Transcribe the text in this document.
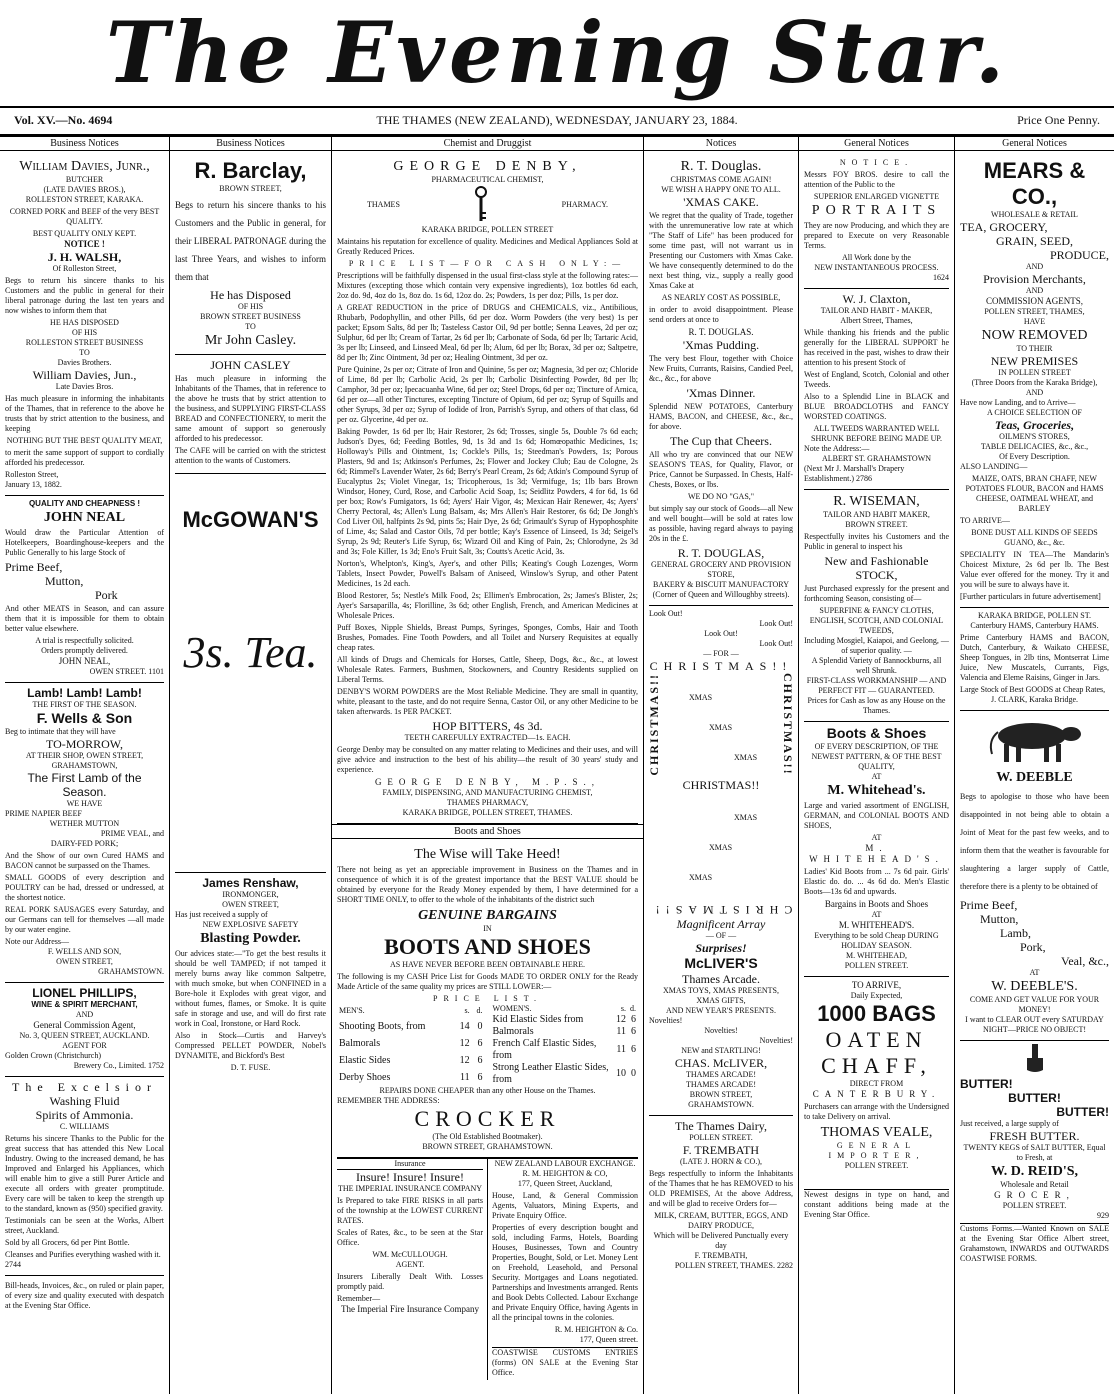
The Evening Star.
Vol. XV.—No. 4694	THE THAMES (NEW ZEALAND), WEDNESDAY, JANUARY 23, 1884.	Price One Penny.
Business Notices
William Davies, Junr.,
BUTCHER
(LATE DAVIES BROS.),
ROLLESTON STREET, KARAKA.

CORNED PORK and BEEF of the very BEST QUALITY.

BEST QUALITY ONLY KEPT.
NOTICE !
J. H. WALSH,
Of Rolleston Street,

Begs to return his sincere thanks to his Customers and the public in general for their liberal patronage during the last ten years and now wishes to inform them that

HE HAS DISPOSED
OF HIS
ROLLESTON STREET BUSINESS
TO
Davies Brothers.
William Davies, Jun.,
Late Davies Bros.

Has much pleasure in informing the inhabitants of the Thames, that in reference to the above he trusts that by strict attention to the business, and keeping

NOTHING BUT THE BEST QUALITY MEAT,

to merit the same support of support to cordially afforded his predecessor.

Rolleston Street,
January 13, 1882.
QUALITY AND CHEAPNESS !
JOHN NEAL

Would draw the Particular Attention of Hotelkeepers, Boardinghouse-keepers and the Public Generally to his large Stock of

Prime Beef,
Mutton,
Pork

And other MEATS in Season, and can assure them that it is impossible for them to obtain better value elsewhere.

A trial is respectfully solicited.
Orders promptly delivered.
JOHN NEAL,
OWEN STREET. 1101
Lamb! Lamb! Lamb!
THE FIRST OF THE SEASON.
F. Wells & Son
Beg to intimate that they will have
TO-MORROW,
AT THEIR SHOP, OWEN STREET, GRAHAMSTOWN,
The First Lamb of the Season.
WE HAVE
PRIME NAPIER BEEF
WETHER MUTTON
PRIME VEAL, and
DAIRY-FED PORK;

And the Show of our own Cured HAMS and BACON cannot be surpassed on the Thames.

SMALL GOODS of every description and POULTRY can be had, dressed or undressed, at the shortest notice.

REAL PORK SAUSAGES every Saturday, and our Germans can tell for themselves —all made by our water engine.

Note our Address—
F. WELLS AND SON,
OWEN STREET,
GRAHAMSTOWN.
LIONEL PHILLIPS,
WINE & SPIRIT MERCHANT,
AND
General Commission Agent,
No. 3, QUEEN STREET, AUCKLAND.
AGENT FOR
Golden Crown (Christchurch)
Brewery Co., Limited. 1752
The Excelsior
Washing Fluid
Spirits of Ammonia.
C. WILLIAMS

Returns his sincere Thanks to the Public for the great success that has attended this New Local Industry. Owing to the increased demand, he has Improved and Enlarged his Appliances, which will enable him to give a still Purer Article and execute all orders with greater promptitude. Every care will be taken to keep the strength up to the standard, known as (950) specified gravity.

Testimonials can be seen at the Works, Albert street, Auckland.

Sold by all Grocers, 6d per Pint Bottle.

Cleanses and Purifies everything washed with it. 2744

Bill-heads, Invoices, &c., on ruled or plain paper, of every size and quality executed with despatch at the Evening Star Office.

Business Notices
R. Barclay,
BROWN STREET,

Begs to return his sincere thanks to his Customers and the Public in general, for their LIBERAL PATRONAGE during the last Three Years, and wishes to inform them that

He has Disposed
OF HIS
BROWN STREET BUSINESS
TO
Mr John Casley.
JOHN CASLEY

Has much pleasure in informing the Inhabitants of the Thames, that in reference to the above he trusts that by strict attention to the business, and SUPPLYING FIRST-CLASS BREAD and CONFECTIONERY, to merit the same amount of support so generously afforded to his predecessor.

The CAFE will be carried on with the strictest attention to the wants of Customers.

McGOWAN'S
3s. Tea.
James Renshaw,
IRONMONGER,
OWEN STREET,
Has just received a supply of
NEW EXPLOSIVE SAFETY
Blasting Powder.

Our advices state:—"To get the best results it should be well TAMPED; if not tamped it merely burns away like common Saltpetre, with much smoke, but when CONFINED in a Bore-hole it Explodes with great vigor, and without fumes, flames, or Smoke. It is quite safe in storage and use, and will do first rate work in Coal, Ironstone, or Hard Rock.

Also in Stock—Curtis and Harvey's Compressed PELLET POWDER, Nobel's DYNAMITE, and Bickford's Best

D. T. FUSE.
Chemist and Druggist
GEORGE DENBY,
PHARMACEUTICAL CHEMIST,
THAMES	PHARMACY.
KARAKA BRIDGE, POLLEN STREET

Maintains his reputation for excellence of quality. Medicines and Medical Appliances Sold at Greatly Reduced Prices.

PRICE LIST—FOR CASH ONLY:—

Prescriptions will be faithfully dispensed in the usual first-class style at the following rates:—Mixtures (excepting those which contain very expensive ingredients), 1oz bottles 6d each, 2oz do. 9d, 4oz do 1s, 8oz do. 1s 6d, 12oz do. 2s; Powders, 1s per doz; Pills, 1s per doz.

A GREAT REDUCTION in the price of DRUGS and CHEMICALS, viz., Antibilious, Rhubarb, Podophyllin, and other Pills, 6d per doz. Worm Powders (the very best) 1s per packet; Epsom Salts, 8d per lb; Tasteless Castor Oil, 9d per bottle; Senna Leaves, 2d per oz; Sulphur, 6d per lb; Cream of Tartar, 2s 6d per lb; Carbonate of Soda, 6d per lb; Tartaric Acid, 3s per lb; Linseed, and Linseed Meal, 6d per lb; Alum, 6d per lb; Borax, 3d per oz; Saltpetre, 8d per lb; Zinc Ointment, 3d per oz; Healing Ointment, 3d per oz.

Pure Quinine, 2s per oz; Citrate of Iron and Quinine, 5s per oz; Magnesia, 3d per oz; Chloride of Lime, 8d per lb; Carbolic Acid, 2s per lb; Carbolic Disinfecting Powder, 8d per lb; Camphor, 3d per oz; Ipecacuanha Wine, 6d per oz; Steel Drops, 6d per oz; Tincture of Arnica, 6d per oz—all other Tinctures, excepting Tincture of Opium, 6d per oz; Syrup of Squills and other Syrups, 3d per oz; Syrup of Iodide of Iron, Parrish's Syrup, and others of that class, 6d per oz. Glycerine, 4d per oz.

Baking Powder, 1s 6d per lb; Hair Restorer, 2s 6d; Trosses, single 5s, Double 7s 6d each; Judson's Dyes, 6d; Feeding Bottles, 9d, 1s 3d and 1s 6d; Homœopathic Medicines, 1s; Holloway's Pills and Ointment, 1s; Cockle's Pills, 1s; Steedman's Powders, 1s; Porous Plasters, 9d and 1s; Atkinson's Perfumes, 2s; Flower and Jockey Club; Eau de Cologne, 2s 6d; Rimmel's Lavender Water, 2s 6d; Berry's Pearl Cream, 2s 6d; Atkin's Compound Syrup of Eucalyptus 2s; Violet Vinegar, 1s; Tricopherous, 1s 3d; Vermifuge, 1s; 1lb bars Brown Windsor, Honey, Curd, Rose, and Carbolic Acid Soap, 1s; Seidlitz Powders, 4 for 6d, 1s 6d per box; Row's Fumigators, 1s 6d; Ayers' Hair Vigor, 4s; Mexican Hair Renewer, 4s; Ayers' Cherry Pectoral, 4s; Allen's Lung Balsam, 4s; Mrs Allen's Hair Restorer, 6s 6d; De Jongh's Cod Liver Oil, halfpints 2s 9d, pints 5s; Hair Dye, 2s 6d; Grimault's Syrup of Hypophosphite of Lime, 4s; Salad and Castor Oils, 7d per bottle; Kay's Essence of Linseed, 1s 3d; Seigel's Syrup, 2s 9d; Reuter's Life Syrup, 6s; Wizard Oil and King of Pain, 2s; Chlorodyne, 2s 3d and 3s; Fole Killer, 1s 3d; Eno's Fruit Salt, 3s; Coutts's Acetic Acid, 3s.

Norton's, Whelpton's, King's, Ayer's, and other Pills; Keating's Cough Lozenges, Worm Tablets, Insect Powder, Powell's Balsam of Aniseed, Winslow's Syrup, and other Patent Medicines, 1s 2d each.

Blood Restorer, 5s; Nestle's Milk Food, 2s; Ellimen's Embrocation, 2s; James's Blister, 2s; Ayer's Sarsaparilla, 4s; Florilline, 3s 6d; other English, French, and American Medicines at Wholesale Prices.

Puff Boxes, Nipple Shields, Breast Pumps, Syringes, Sponges, Combs, Hair and Tooth Brushes, Pomades. Fine Tooth Powders, and all Toilet and Nursery Requisites at equally cheap rates.

All kinds of Drugs and Chemicals for Horses, Cattle, Sheep, Dogs, &c., &c., at lowest Wholesale Rates. Farmers, Bushmen, Stockowners, and Country Residents supplied on Liberal Terms.

DENBY'S WORM POWDERS are the Most Reliable Medicine. They are small in quantity, white, pleasant to the taste, and do not require Senna, Castor Oil, or any other Medicine to be taken afterwards. 1s PER PACKET.

HOP BITTERS, 4s 3d.
TEETH CAREFULLY EXTRACTED—1s. EACH.

George Denby may be consulted on any matter relating to Medicines and their uses, and will give advice and instruction to the best of his ability—the result of 30 years' study and experience.

GEORGE DENBY, M.P.S.,
FAMILY, DISPENSING, AND MANUFACTURING CHEMIST,
THAMES PHARMACY,
KARAKA BRIDGE, POLLEN STREET, THAMES.
Boots and Shoes
The Wise will Take Heed!

There not being as yet an appreciable improvement in Business on the Thames and in consequence of which it is of the greatest importance that the BEST VALUE should be obtained by everyone for the Ready Money expended by them, I have determined for a SHORT TIME ONLY, to offer to the whole of the inhabitants of the district such

GENUINE BARGAINS
IN
BOOTS AND SHOES
AS HAVE NEVER BEFORE BEEN OBTAINABLE HERE.

The following is my CASH Price List for Goods MADE TO ORDER ONLY for the Ready Made Article of the same quality my prices are STILL LOWER:—

PRICE LIST.
MEN'S.	s.	d.
Shooting Boots, from	14	0
Balmorals	12	6
Elastic Sides	12	6
Derby Shoes	11	6
WOMEN'S.	s.	d.
Kid Elastic Sides from	12	6
Balmorals	11	6
French Calf Elastic Sides, from	11	6
Strong Leather Elastic Sides, from	10	0
REPAIRS DONE CHEAPER than any other House on the Thames.
REMEMBER THE ADDRESS:
CROCKER
(The Old Established Bootmaker).
BROWN STREET, GRAHAMSTOWN.
Insurance
Insure! Insure! Insure!
THE IMPERIAL INSURANCE COMPANY

Is Prepared to take FIRE RISKS in all parts of the township at the LOWEST CURRENT RATES.

Scales of Rates, &c., to be seen at the Star Office.

WM. McCULLOUGH.
AGENT.

Insurers Liberally Dealt With. Losses promptly paid.

Remember—
The Imperial Fire Insurance Company
NEW ZEALAND LABOUR EXCHANGE.
R. M. HEIGHTON & CO,
177, Queen Street, Auckland,

House, Land, & General Commission Agents, Valuators, Mining Experts, and Private Enquiry Office.

Properties of every description bought and sold, including Farms, Hotels, Boarding Houses, Businesses, Town and Country Properties, Bought, Sold, or Let. Money Lent on Freehold, Leasehold, and Personal Security. Mortgages and Loans negotiated. Partnerships and Investments arranged. Rents and Book Debts Collected. Labour Exchange and Private Enquiry Office, having Agents in all the principal towns in the colonies.

R. M. HEIGHTON & Co.
177, Queen street.

COASTWISE CUSTOMS ENTRIES (forms) ON SALE at the Evening Star Office.

Notices
R. T. Douglas.
CHRISTMAS COME AGAIN!
WE WISH A HAPPY ONE TO ALL.
'XMAS CAKE.

We regret that the quality of Trade, together with the unremunerative low rate at which "The Staff of Life" has been produced for some time past, will not warrant us in Presenting our Customers with Xmas Cake. We have consequently determined to do the next best thing, viz., supply a really good Xmas Cake at

AS NEARLY COST AS POSSIBLE,

in order to avoid disappointment. Please send orders at once to

R. T. DOUGLAS.
'Xmas Pudding.

The very best Flour, together with Choice New Fruits, Currants, Raisins, Candied Peel, &c., &c., for above

'Xmas Dinner.

Splendid NEW POTATOES, Canterbury HAMS, BACON, and CHEESE, &c., &c., for above.

The Cup that Cheers.

All who try are convinced that our NEW SEASON'S TEAS, for Quality, Flavor, or Price, Cannot be Surpassed. In Chests, Half-Chests, Boxes, or lbs.

WE DO NO "GAS,"

but simply say our stock of Goods—all New and well bought—will be sold at rates low as possible, having regard always to paying 20s in the £.

R. T. DOUGLAS,
GENERAL GROCERY AND PROVISION STORE,
BAKERY & BISCUIT MANUFACTORY
(Corner of Queen and Willoughby streets).
Look Out!
Look Out!
Look Out!
Look Out!
— FOR —
CHRISTMAS!!
CHRISTMAS!!	CHRISTMAS!!
XMAS
XMAS
XMAS
CHRISTMAS!!
XMAS
XMAS
XMAS
CHRISTMAS!!
Magnificent Array
— OF —
Surprises!
McLIVER'S
Thames Arcade.
XMAS TOYS, XMAS PRESENTS,
XMAS GIFTS,
AND NEW YEAR'S PRESENTS.
Novelties!
Novelties!
Novelties!
NEW and STARTLING!
CHAS. McLIVER,
THAMES ARCADE!
THAMES ARCADE!
BROWN STREET,
GRAHAMSTOWN.
The Thames Dairy,
POLLEN STREET.
F. TREMBATH
(LATE J. HORN & CO.),

Begs respectfully to inform the Inhabitants of the Thames that he has REMOVED to his OLD PREMISES, At the above Address, and will be glad to receive Orders for—

MILK, CREAM, BUTTER, EGGS, AND DAIRY PRODUCE,
Which will be Delivered Punctually every day
F. TREMBATH,
POLLEN STREET, THAMES. 2282
General Notices
NOTICE.

Messrs FOY BROS. desire to call the attention of the Public to the

SUPERIOR ENLARGED VIGNETTE
PORTRAITS

They are now Producing, and which they are prepared to Execute on very Reasonable Terms.

All Work done by the
NEW INSTANTANEOUS PROCESS.
1624
W. J. Claxton,
TAILOR AND HABIT - MAKER,
Albert Street, Thames,

While thanking his friends and the public generally for the LIBERAL SUPPORT he has received in the past, wishes to draw their attention to his present Stock of

West of England, Scotch, Colonial and other Tweeds.

Also to a Splendid Line in BLACK and BLUE BROADCLOTHS and FANCY WORSTED COATINGS.

ALL TWEEDS WARRANTED WELL SHRUNK BEFORE BEING MADE UP.
Note the Address:—
ALBERT ST. GRAHAMSTOWN
(Next Mr J. Marshall's Drapery Establishment.) 2786
R. WISEMAN,
TAILOR AND HABIT MAKER,
BROWN STREET.

Respectfully invites his Customers and the Public in general to inspect his

New and Fashionable STOCK,

Just Purchased expressly for the present and forthcoming Season, consisting of—

SUPERFINE & FANCY CLOTHS, ENGLISH, SCOTCH, AND COLONIAL TWEEDS,
Including Mosgiel, Kaiapoi, and Geelong, — of superior quality. —
A Splendid Variety of Bannockburns, all well Shrunk.
FIRST-CLASS WORKMANSHIP — AND PERFECT FIT — GUARANTEED.
Prices for Cash as low as any House on the Thames.
Boots & Shoes
OF EVERY DESCRIPTION, OF THE NEWEST PATTERN, & OF THE BEST QUALITY,
AT
M. Whitehead's.

Large and varied assortment of ENGLISH, GERMAN, and COLONIAL BOOTS AND SHOES,

AT
M. WHITEHEAD'S.

Ladies' Kid Boots from ... 7s 6d pair. Girls' Elastic do. do. ... 4s 6d do. Men's Elastic Boots—13s 6d and upwards.

Bargains in Boots and Shoes
AT
M. WHITEHEAD'S.
Everything to be sold Cheap DURING HOLIDAY SEASON.
M. WHITEHEAD,
POLLEN STREET.
TO ARRIVE,
Daily Expected,
1000 BAGS
OATEN
CHAFF,
DIRECT FROM
CANTERBURY.

Purchasers can arrange with the Undersigned to take Delivery on arrival.

THOMAS VEALE,
GENERAL IMPORTER,
POLLEN STREET.

Newest designs in type on hand, and constant additions being made at the Evening Star Office.

General Notices
MEARS & CO.,
WHOLESALE & RETAIL
TEA, GROCERY,
GRAIN, SEED,
PRODUCE,
AND
Provision Merchants,
AND
COMMISSION AGENTS,
POLLEN STREET, THAMES,
HAVE
NOW REMOVED
TO THEIR
NEW PREMISES
IN POLLEN STREET
(Three Doors from the Karaka Bridge),
AND
Have now Landing, and to Arrive—
A CHOICE SELECTION OF
Teas, Groceries,
OILMEN'S STORES,
TABLE DELICACIES, &c., &c.,
Of Every Description.
ALSO LANDING—

MAIZE, OATS, BRAN CHAFF, NEW POTATOES FLOUR, BACON and HAMS CHEESE, OATMEAL WHEAT, and BARLEY

TO ARRIVE—

BONE DUST ALL KINDS OF SEEDS GUANO, &c., &c.

SPECIALITY IN TEA—The Mandarin's Choicest Mixture, 2s 6d per lb. The Best Value ever offered for the money. Try it and you will be sure to always have it.

[Further particulars in future advertisement]
KARAKA BRIDGE, POLLEN ST.
Canterbury HAMS, Canterbury HAMS.

Prime Canterbury HAMS and BACON, Dutch, Canterbury, & Waikato CHEESE, Sheep Tongues, in 2lb tins, Montserrat Lime Juice, New Muscatels, Currants, Figs, Valencia and Eleme Raisins, Ginger in Jars.

Large Stock of Best GOODS at Cheap Rates,
J. CLARK, Karaka Bridge.
W. DEEBLE

Begs to apologise to those who have been disappointed in not being able to obtain a Joint of Meat for the past few weeks, and to inform them that the weather is favourable for slaughtering a larger supply of Cattle, therefore there is a plenty to be obtained of

Prime Beef,
Mutton,
Lamb,
Pork,
Veal, &c.,
AT
W. DEEBLE'S.
COME AND GET VALUE FOR YOUR MONEY!
I want to CLEAR OUT every SATURDAY NIGHT—PRICE NO OBJECT!
BUTTER!
BUTTER!
BUTTER!
Just received, a large supply of
FRESH BUTTER.
TWENTY KEGS of SALT BUTTER, Equal to Fresh, at
W. D. REID'S,
Wholesale and Retail
GROCER,
POLLEN STREET.
929

Customs Forms.—Wanted Known on SALE at the Evening Star Office Albert street, Grahamstown, INWARDS and OUTWARDS COASTWISE FORMS.
